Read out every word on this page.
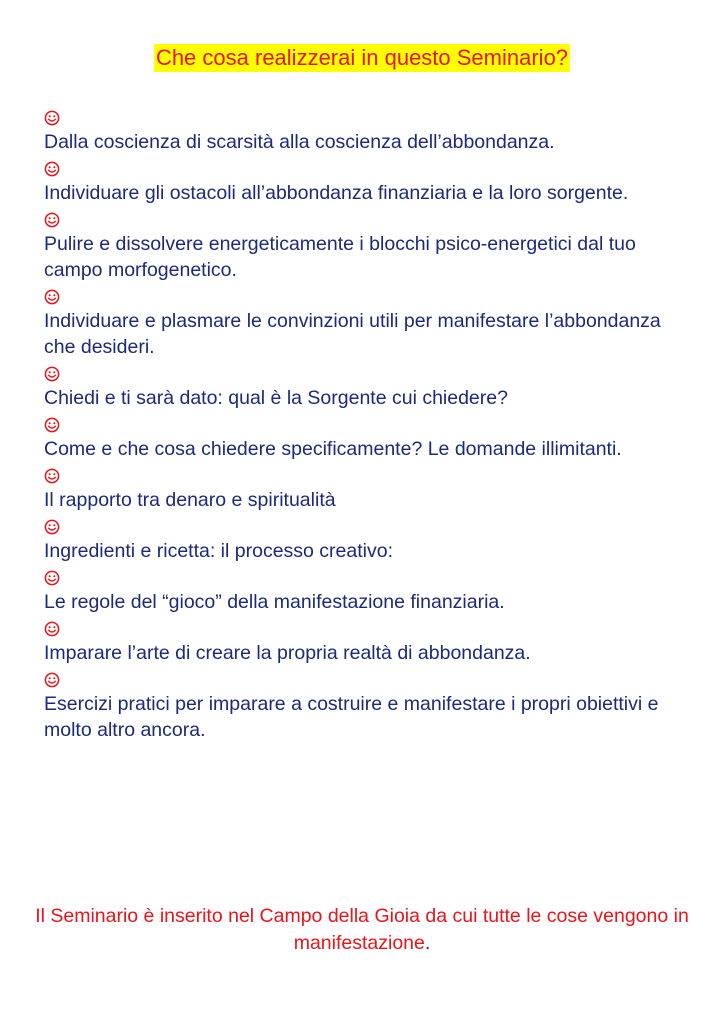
Che cosa realizzerai in questo Seminario?

Dalla coscienza di scarsità alla coscienza dell’abbondanza.

Individuare gli ostacoli all’abbondanza finanziaria e la loro sorgente.

Pulire e dissolvere energeticamente i blocchi psico-energetici dal tuo campo morfogenetico.

Individuare e plasmare le convinzioni utili per manifestare l’abbondanza che desideri.

Chiedi e ti sarà dato: qual è la Sorgente cui chiedere?

Come e che cosa chiedere specificamente? Le domande illimitanti.

Il rapporto tra denaro e spiritualità

Ingredienti e ricetta: il processo creativo:

Le regole del “gioco” della manifestazione finanziaria.

Imparare l’arte di creare la propria realtà di abbondanza.

Esercizi pratici per imparare a costruire e manifestare i propri obiettivi e molto altro ancora.

Il Seminario è inserito nel Campo della Gioia da cui tutte le cose vengono in manifestazione.
